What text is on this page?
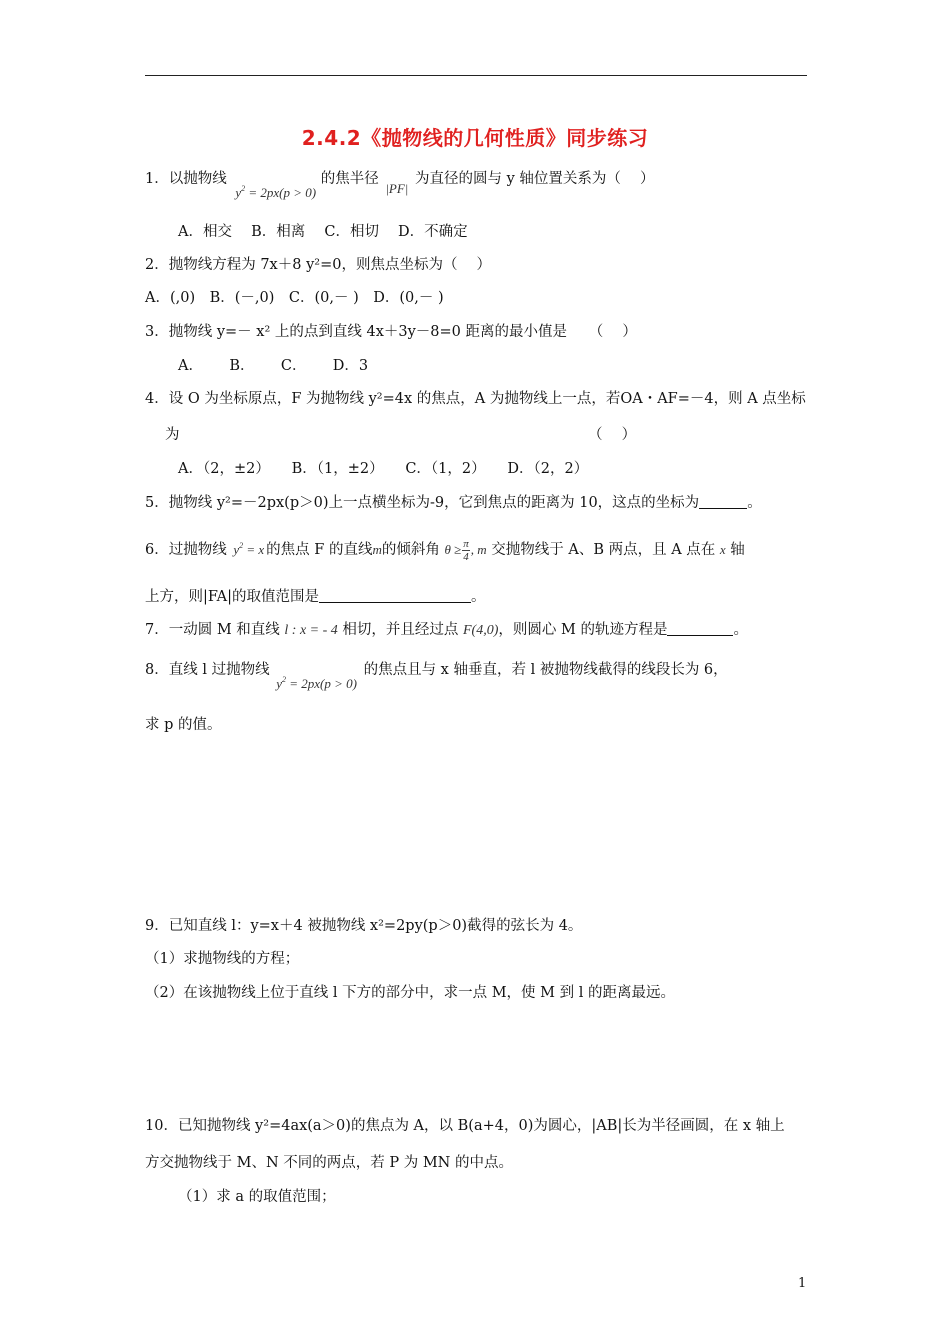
2.4.2《抛物线的几何性质》同步练习
1．以抛物线 $y^2 = 2px(p > 0)$ 的焦半径 |PF| 为直径的圆与 y 轴位置关系为（　 ）
A．相交　 B．相离　 C．相切　 D．不确定
2．抛物线方程为 7x＋8 y²=0，则焦点坐标为（　 ）
A．(,0)　B．(－,0)　C．(0,－ )　D．(0,－ )
3．抛物线 y=－ x² 上的点到直线 4x＋3y－8=0 距离的最小值是　　（　 ）
A．　　 B．　　 C．　　 D．3
4．设 O 为坐标原点，F 为抛物线 y²=4x 的焦点，A 为抛物线上一点，若OA・AF=－4，则 A 点坐标
为	（　 ）
A．（2，±2）　　B．（1，±2）　　C．（1，2）　　D．（2，2）
5．抛物线 y²=－2px(p＞0)上一点横坐标为-9，它到焦点的距离为 10，这点的坐标为	。
6．过抛物线 $y^2 = x$ 的焦点 F 的直线m的倾斜角 $\theta \ge \frac{\pi}{4}$ , m 交抛物线于 A、B 两点，且 A 点在 x 轴
上方，则|FA|的取值范围是	。
7．一动圆 M 和直线 l : x = - 4 相切，并且经过点 F(4,0)，则圆心 M 的轨迹方程是	。
8．直线 l 过抛物线 $y^2 = 2px(p > 0)$ 的焦点且与 x 轴垂直，若 l 被抛物线截得的线段长为 6，
求 p 的值。
9．已知直线 l：y=x＋4 被抛物线 x²=2py(p＞0)截得的弦长为 4。
（1）求抛物线的方程；
（2）在该抛物线上位于直线 l 下方的部分中，求一点 M，使 M 到 l 的距离最远。
10．已知抛物线 y²=4ax(a＞0)的焦点为 A，以 B(a+4，0)为圆心，|AB|长为半径画圆，在 x 轴上
方交抛物线于 M、N 不同的两点，若 P 为 MN 的中点。
（1）求 a 的取值范围；
1
